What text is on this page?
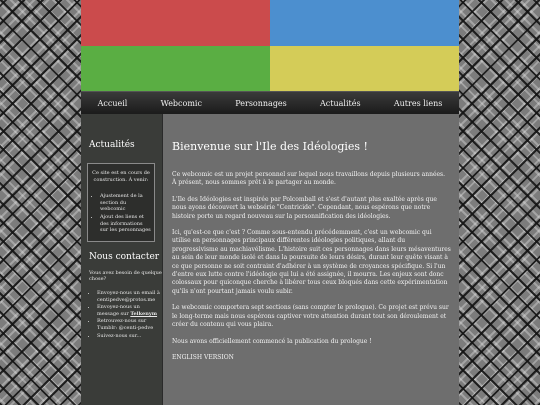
Accueil	Webcomic	Personnages	Actualités	Autres liens
Actualités
Ce site est en cours de construction. À venir:
• Ajustement de la section du webcomic
• Ajout des liens et des informations sur les personnages
Nous contacter
Vous avez besoin de quelque chose?
• Envoyez-nous un email à centipedve@protos.me
• Envoyez-nous un message sur Telkenym
• Retrouvez-nous sur Tumblr: @centi-pedve
• Suivez-nous sur...
Bienvenue sur l'Ile des Idéologies !

Ce webcomic est un projet personnel sur lequel nous travaillons depuis plusieurs années. À présent, nous sommes prêt à le partager au monde.

L'Ile des Idéologies est inspirée par Polcomball et s'est d'autant plus exaltée après que nous ayons découvert la websérie "Centricide". Cependant, nous espérons que notre histoire porte un regard nouveau sur la personnification des idéologies.

Ici, qu'est-ce que c'est ? Comme sous-entendu précédemment, c'est un webcomic qui utilise en personnages principaux différentes idéologies politiques, allant du progressivisme au machiavélisme. L'histoire suit ces personnages dans leurs mésaventures au sein de leur monde isolé et dans la poursuite de leurs désirs, durant leur quête visant à ce que personne ne soit contraint d'adhérer à un système de croyances spécifique. Si l'un d'entre eux lutte contre l'idéologie qui lui a été assignée, il mourra. Les enjeux sont donc colossaux pour quiconque cherche à libérer tous ceux bloqués dans cette expérimentation qu'ils n'ont pourtant jamais voulu subir.

Le webcomic comportera sept sections (sans compter le prologue). Ce projet est prévu sur le long-terme mais nous espérons captiver votre attention durant tout son déroulement et créer du contenu qui vous plaira.

Nous avons officiellement commencé la publication du prologue !

ENGLISH VERSION
